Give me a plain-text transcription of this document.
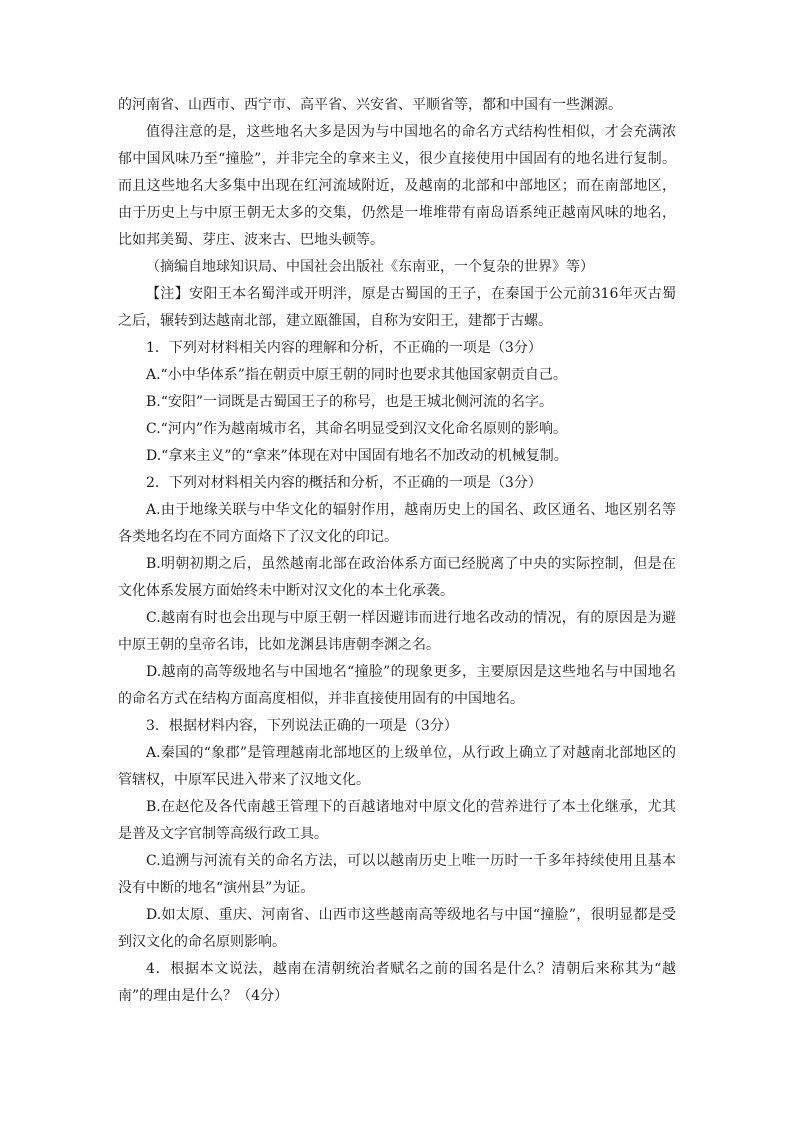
的河南省、山西市、西宁市、高平省、兴安省、平顺省等，都和中国有一些渊源。

值得注意的是，这些地名大多是因为与中国地名的命名方式结构性相似，才会充满浓郁中国风味乃至“撞脸”，并非完全的拿来主义，很少直接使用中国固有的地名进行复制。而且这些地名大多集中出现在红河流域附近，及越南的北部和中部地区；而在南部地区，由于历史上与中原王朝无太多的交集，仍然是一堆堆带有南岛语系纯正越南风味的地名，比如邦美蜀、芽庄、波来古、巴地头顿等。

（摘编自地球知识局、中国社会出版社《东南亚，一个复杂的世界》等）

【注】安阳王本名蜀泮或开明泮，原是古蜀国的王子，在秦国于公元前316年灭古蜀之后，辗转到达越南北部，建立瓯雒国，自称为安阳王，建都于古螺。

1．下列对材料相关内容的理解和分析，不正确的一项是（3分）

A.“小中华体系”指在朝贡中原王朝的同时也要求其他国家朝贡自己。

B.“安阳”一词既是古蜀国王子的称号，也是王城北侧河流的名字。

C.“河内”作为越南城市名，其命名明显受到汉文化命名原则的影响。

D.“拿来主义”的“拿来”体现在对中国固有地名不加改动的机械复制。

2．下列对材料相关内容的概括和分析，不正确的一项是（3分）

A.由于地缘关联与中华文化的辐射作用，越南历史上的国名、政区通名、地区别名等各类地名均在不同方面烙下了汉文化的印记。

B.明朝初期之后，虽然越南北部在政治体系方面已经脱离了中央的实际控制，但是在文化体系发展方面始终未中断对汉文化的本土化承袭。

C.越南有时也会出现与中原王朝一样因避讳而进行地名改动的情况，有的原因是为避中原王朝的皇帝名讳，比如龙渊县讳唐朝李渊之名。

D.越南的高等级地名与中国地名“撞脸”的现象更多，主要原因是这些地名与中国地名的命名方式在结构方面高度相似，并非直接使用固有的中国地名。

3．根据材料内容，下列说法正确的一项是（3分）

A.秦国的“象郡”是管理越南北部地区的上级单位，从行政上确立了对越南北部地区的管辖权，中原军民进入带来了汉地文化。

B.在赵佗及各代南越王管理下的百越诸地对中原文化的营养进行了本土化继承，尤其是普及文字官制等高级行政工具。

C.追溯与河流有关的命名方法，可以以越南历史上唯一历时一千多年持续使用且基本没有中断的地名“演州县”为证。

D.如太原、重庆、河南省、山西市这些越南高等级地名与中国“撞脸”，很明显都是受到汉文化的命名原则影响。

4．根据本文说法，越南在清朝统治者赋名之前的国名是什么？清朝后来称其为“越南”的理由是什么？（4分）
